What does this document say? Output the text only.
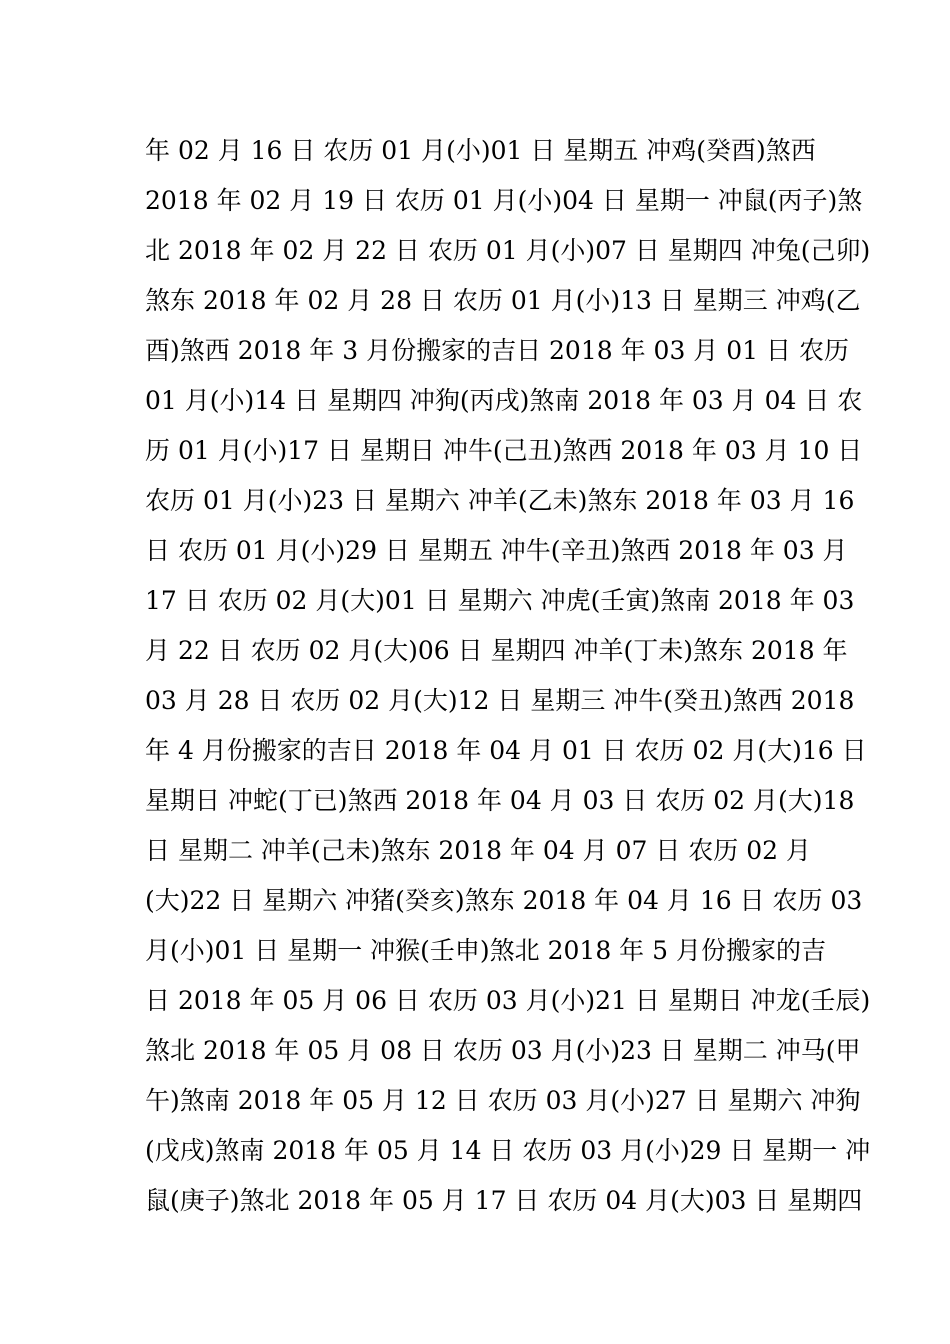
年 02 月 16 日 农历 01 月(小)01 日 星期五 冲鸡(癸酉)煞西
2018 年 02 月 19 日 农历 01 月(小)04 日 星期一 冲鼠(丙子)煞
北 2018 年 02 月 22 日 农历 01 月(小)07 日 星期四 冲兔(己卯)
煞东 2018 年 02 月 28 日 农历 01 月(小)13 日 星期三 冲鸡(乙
酉)煞西 2018 年 3 月份搬家的吉日 2018 年 03 月 01 日 农历
01 月(小)14 日 星期四 冲狗(丙戌)煞南 2018 年 03 月 04 日 农
历 01 月(小)17 日 星期日 冲牛(己丑)煞西 2018 年 03 月 10 日
农历 01 月(小)23 日 星期六 冲羊(乙未)煞东 2018 年 03 月 16
日 农历 01 月(小)29 日 星期五 冲牛(辛丑)煞西 2018 年 03 月
17 日 农历 02 月(大)01 日 星期六 冲虎(壬寅)煞南 2018 年 03
月 22 日 农历 02 月(大)06 日 星期四 冲羊(丁未)煞东 2018 年
03 月 28 日 农历 02 月(大)12 日 星期三 冲牛(癸丑)煞西 2018
年 4 月份搬家的吉日 2018 年 04 月 01 日 农历 02 月(大)16 日
星期日 冲蛇(丁已)煞西 2018 年 04 月 03 日 农历 02 月(大)18
日 星期二 冲羊(己未)煞东 2018 年 04 月 07 日 农历 02 月
(大)22 日 星期六 冲猪(癸亥)煞东 2018 年 04 月 16 日 农历 03
月(小)01 日 星期一 冲猴(壬申)煞北 2018 年 5 月份搬家的吉
日 2018 年 05 月 06 日 农历 03 月(小)21 日 星期日 冲龙(壬辰)
煞北 2018 年 05 月 08 日 农历 03 月(小)23 日 星期二 冲马(甲
午)煞南 2018 年 05 月 12 日 农历 03 月(小)27 日 星期六 冲狗
(戊戌)煞南 2018 年 05 月 14 日 农历 03 月(小)29 日 星期一 冲
鼠(庚子)煞北 2018 年 05 月 17 日 农历 04 月(大)03 日 星期四
